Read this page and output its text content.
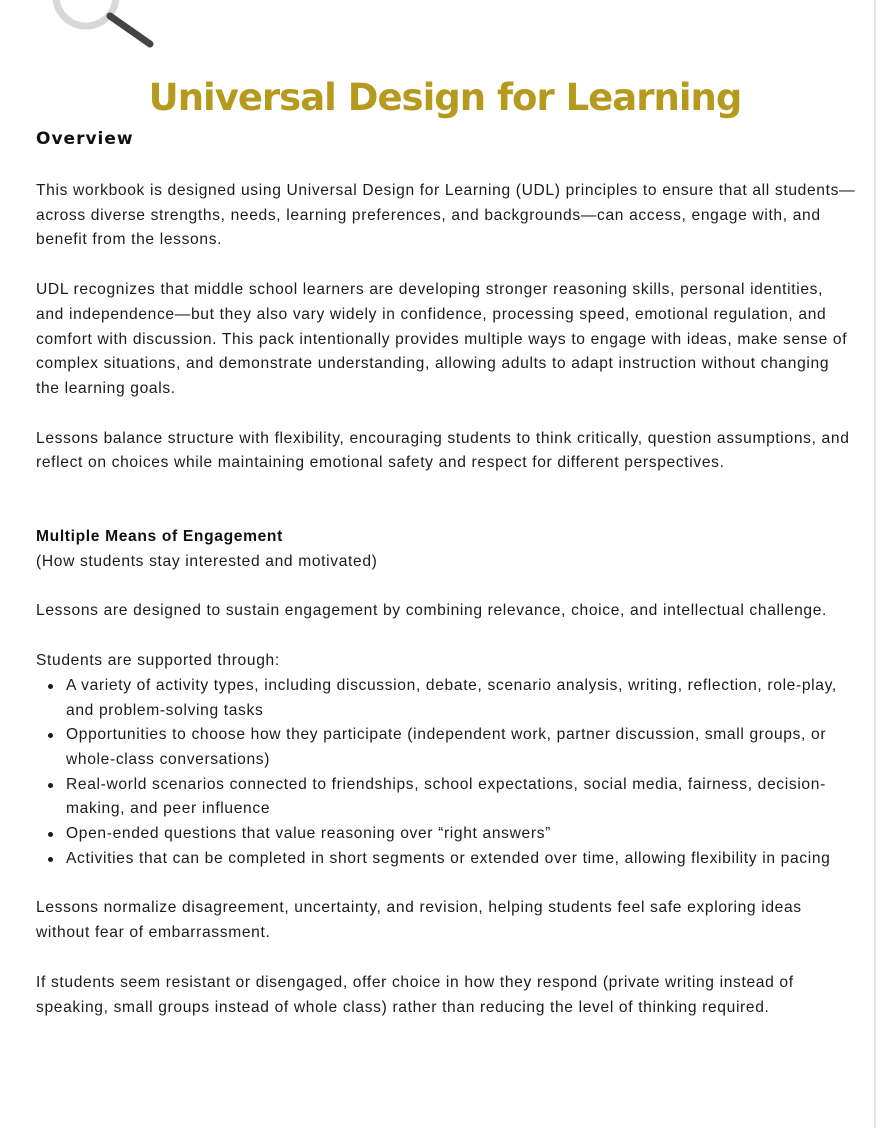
Universal Design for Learning
Overview

This workbook is designed using Universal Design for Learning (UDL) principles to ensure that all students—across diverse strengths, needs, learning preferences, and backgrounds—can access, engage with, and benefit from the lessons.

UDL recognizes that middle school learners are developing stronger reasoning skills, personal identities, and independence—but they also vary widely in confidence, processing speed, emotional regulation, and comfort with discussion. This pack intentionally provides multiple ways to engage with ideas, make sense of complex situations, and demonstrate understanding, allowing adults to adapt instruction without changing the learning goals.

Lessons balance structure with flexibility, encouraging students to think critically, question assumptions, and reflect on choices while maintaining emotional safety and respect for different perspectives.

Multiple Means of Engagement

(How students stay interested and motivated)

Lessons are designed to sustain engagement by combining relevance, choice, and intellectual challenge.

Students are supported through:

A variety of activity types, including discussion, debate, scenario analysis, writing, reflection, role-play, and problem-solving tasks
Opportunities to choose how they participate (independent work, partner discussion, small groups, or whole-class conversations)
Real-world scenarios connected to friendships, school expectations, social media, fairness, decision-making, and peer influence
Open-ended questions that value reasoning over “right answers”
Activities that can be completed in short segments or extended over time, allowing flexibility in pacing

Lessons normalize disagreement, uncertainty, and revision, helping students feel safe exploring ideas without fear of embarrassment.

If students seem resistant or disengaged, offer choice in how they respond (private writing instead of speaking, small groups instead of whole class) rather than reducing the level of thinking required.
